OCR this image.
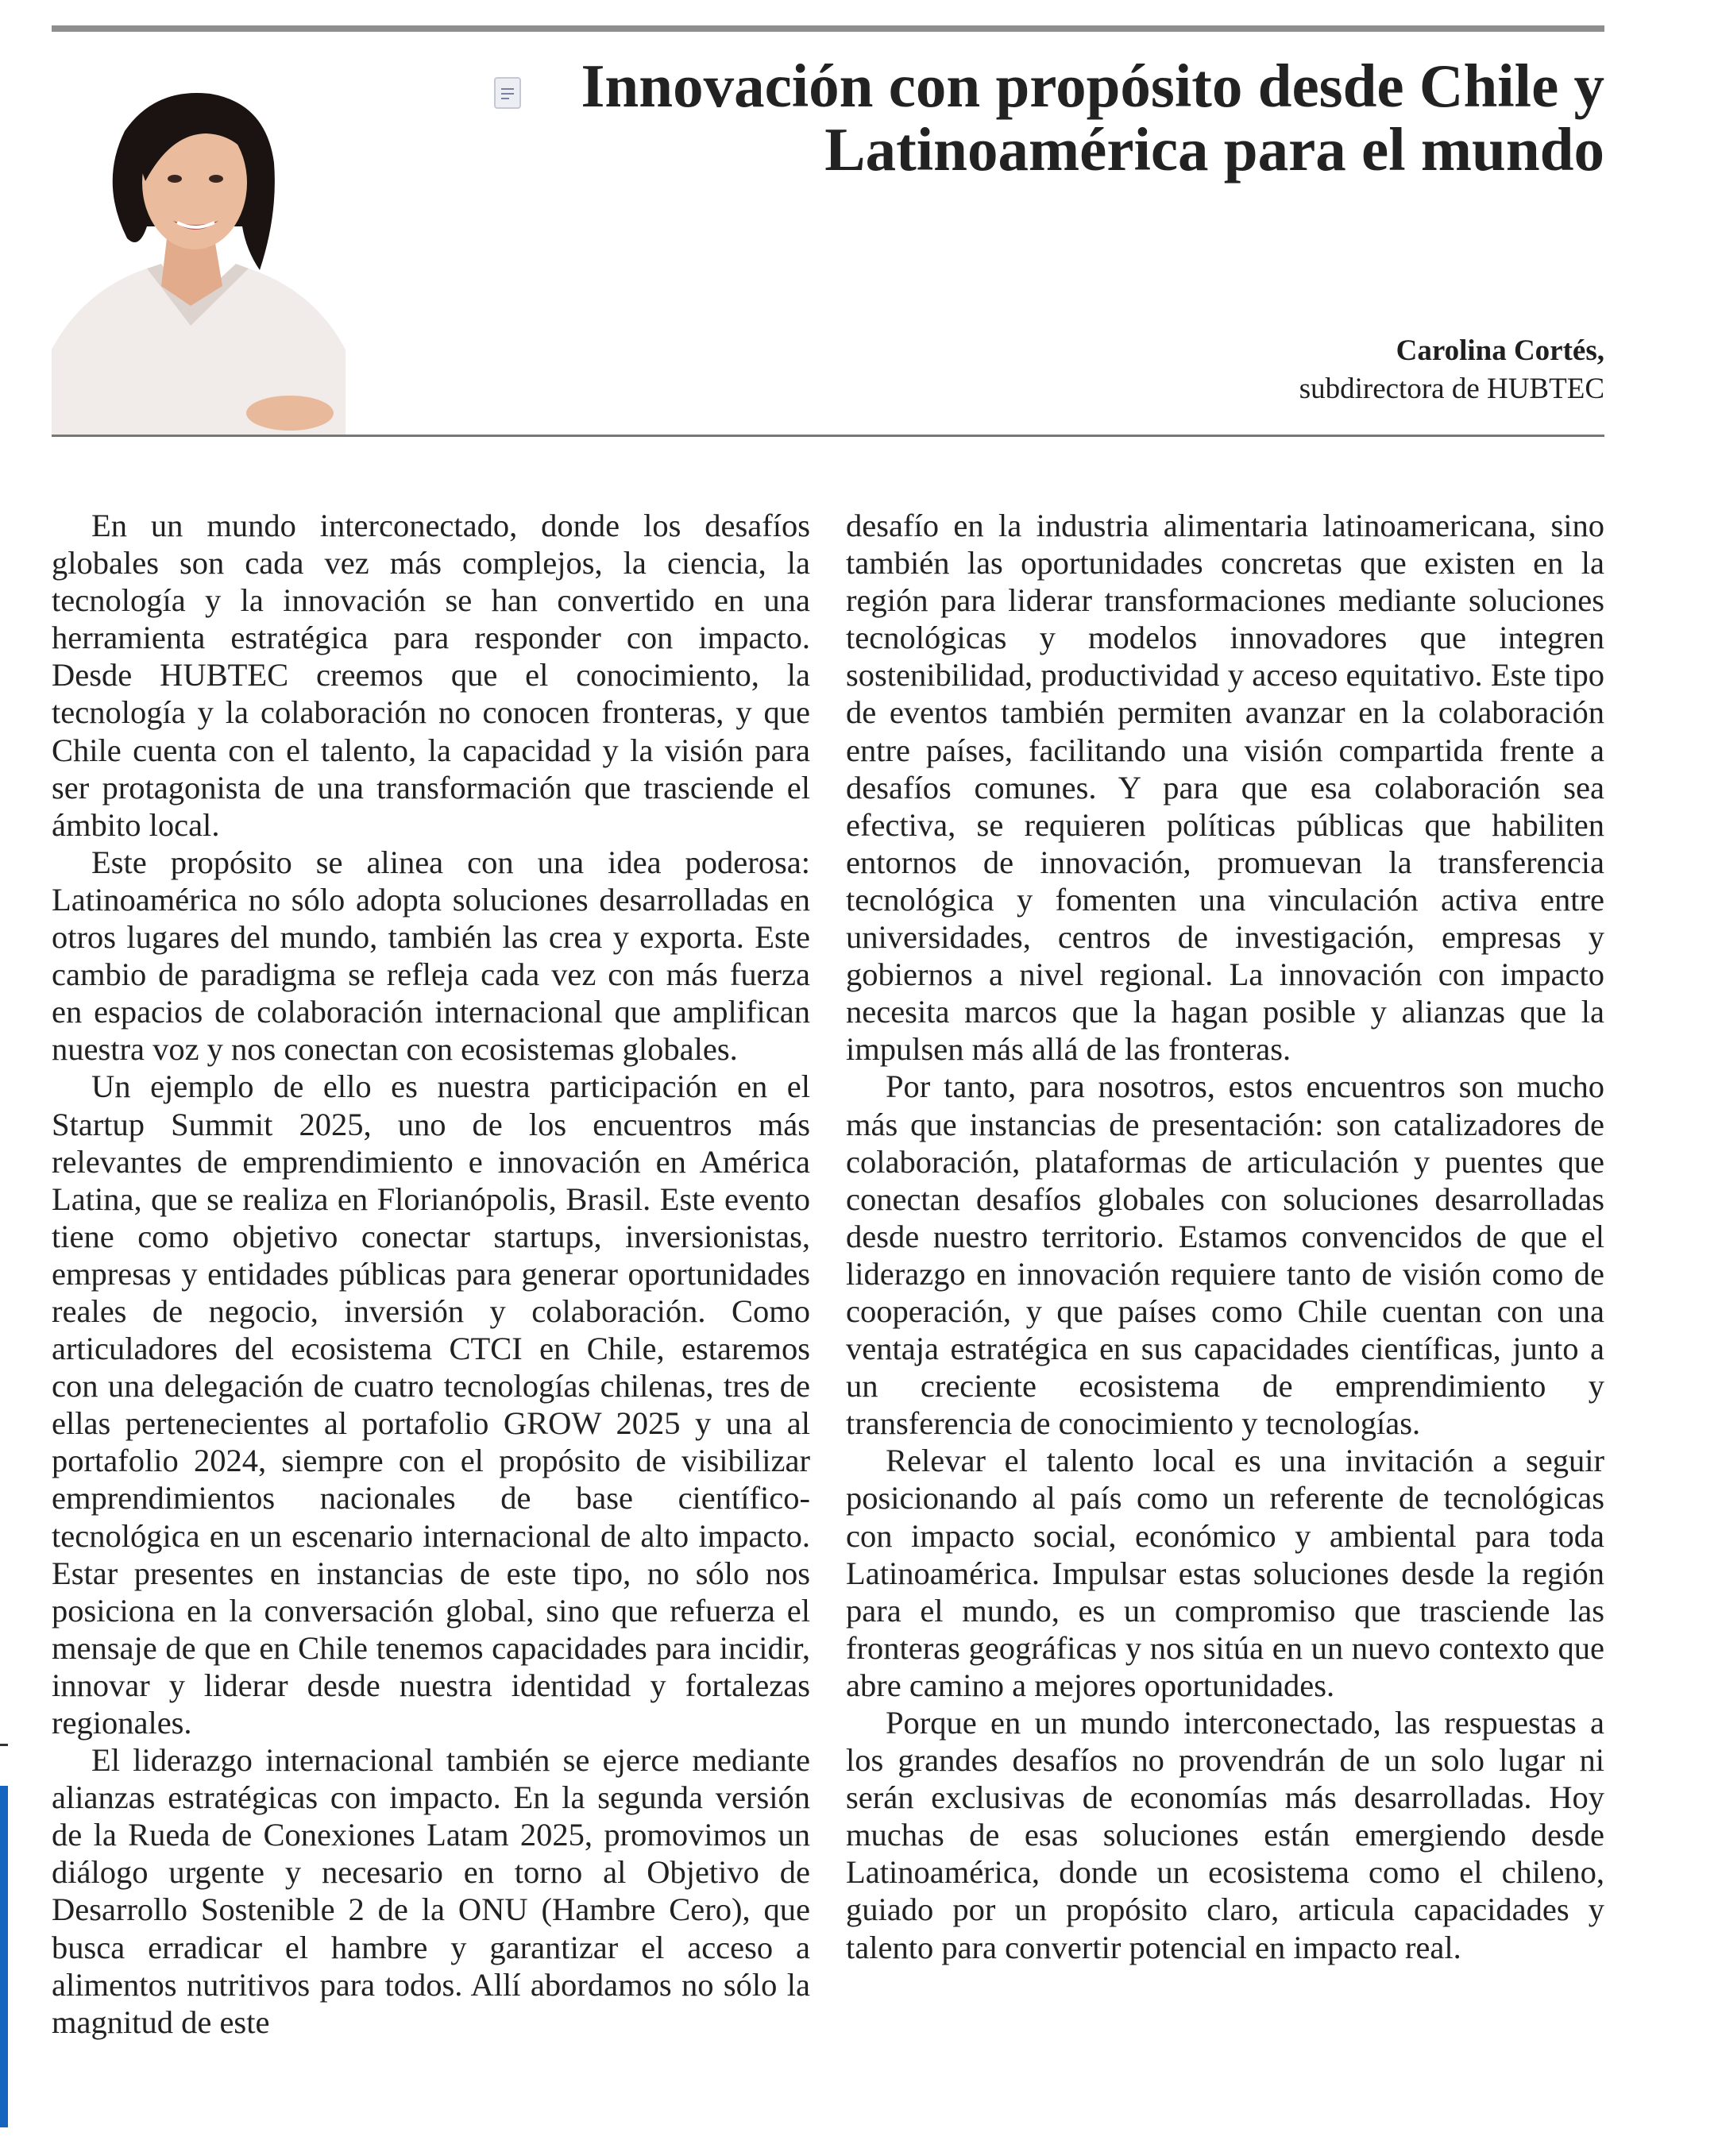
Innovación con propósito desde Chile y Latinoamérica para el mundo
Carolina Cortés,
subdirectora de HUBTEC

En un mundo interconectado, donde los desafíos globales son cada vez más complejos, la ciencia, la tecnología y la innovación se han convertido en una herramienta estratégica para responder con impacto. Desde HUBTEC creemos que el conocimiento, la tecnología y la colaboración no conocen fronteras, y que Chile cuenta con el talento, la capacidad y la visión para ser protagonista de una transformación que trasciende el ámbito local.

Este propósito se alinea con una idea poderosa: Latinoamérica no sólo adopta soluciones desarrolladas en otros lugares del mundo, también las crea y exporta. Este cambio de paradigma se refleja cada vez con más fuerza en espacios de colaboración internacional que amplifican nuestra voz y nos conectan con ecosistemas globales.

Un ejemplo de ello es nuestra participación en el Startup Summit 2025, uno de los encuentros más relevantes de emprendimiento e innovación en América Latina, que se realiza en Florianópolis, Brasil. Este evento tiene como objetivo conectar startups, inversionistas, empresas y entidades públicas para generar oportunidades reales de negocio, inversión y colaboración. Como articuladores del ecosistema CTCI en Chile, estaremos con una delegación de cuatro tecnologías chilenas, tres de ellas pertenecientes al portafolio GROW 2025 y una al portafolio 2024, siempre con el propósito de visibilizar emprendimientos nacionales de base científico-tecnológica en un escenario internacional de alto impacto. Estar presentes en instancias de este tipo, no sólo nos posiciona en la conversación global, sino que refuerza el mensaje de que en Chile tenemos capacidades para incidir, innovar y liderar desde nuestra identidad y fortalezas regionales.

El liderazgo internacional también se ejerce mediante alianzas estratégicas con impacto. En la segunda versión de la Rueda de Conexiones Latam 2025, promovimos un diálogo urgente y necesario en torno al Objetivo de Desarrollo Sostenible 2 de la ONU (Hambre Cero), que busca erradicar el hambre y garantizar el acceso a alimentos nutritivos para todos. Allí abordamos no sólo la magnitud de este

desafío en la industria alimentaria latinoamericana, sino también las oportunidades concretas que existen en la región para liderar transformaciones mediante soluciones tecnológicas y modelos innovadores que integren sostenibilidad, productividad y acceso equitativo. Este tipo de eventos también permiten avanzar en la colaboración entre países, facilitando una visión compartida frente a desafíos comunes. Y para que esa colaboración sea efectiva, se requieren políticas públicas que habiliten entornos de innovación, promuevan la transferencia tecnológica y fomenten una vinculación activa entre universidades, centros de investigación, empresas y gobiernos a nivel regional. La innovación con impacto necesita marcos que la hagan posible y alianzas que la impulsen más allá de las fronteras.

Por tanto, para nosotros, estos encuentros son mucho más que instancias de presentación: son catalizadores de colaboración, plataformas de articulación y puentes que conectan desafíos globales con soluciones desarrolladas desde nuestro territorio. Estamos convencidos de que el liderazgo en innovación requiere tanto de visión como de cooperación, y que países como Chile cuentan con una ventaja estratégica en sus capacidades científicas, junto a un creciente ecosistema de emprendimiento y transferencia de conocimiento y tecnologías.

Relevar el talento local es una invitación a seguir posicionando al país como un referente de tecnológicas con impacto social, económico y ambiental para toda Latinoamérica. Impulsar estas soluciones desde la región para el mundo, es un compromiso que trasciende las fronteras geográficas y nos sitúa en un nuevo contexto que abre camino a mejores oportunidades.

Porque en un mundo interconectado, las respuestas a los grandes desafíos no provendrán de un solo lugar ni serán exclusivas de economías más desarrolladas. Hoy muchas de esas soluciones están emergiendo desde Latinoamérica, donde un ecosistema como el chileno, guiado por un propósito claro, articula capacidades y talento para convertir potencial en impacto real.
